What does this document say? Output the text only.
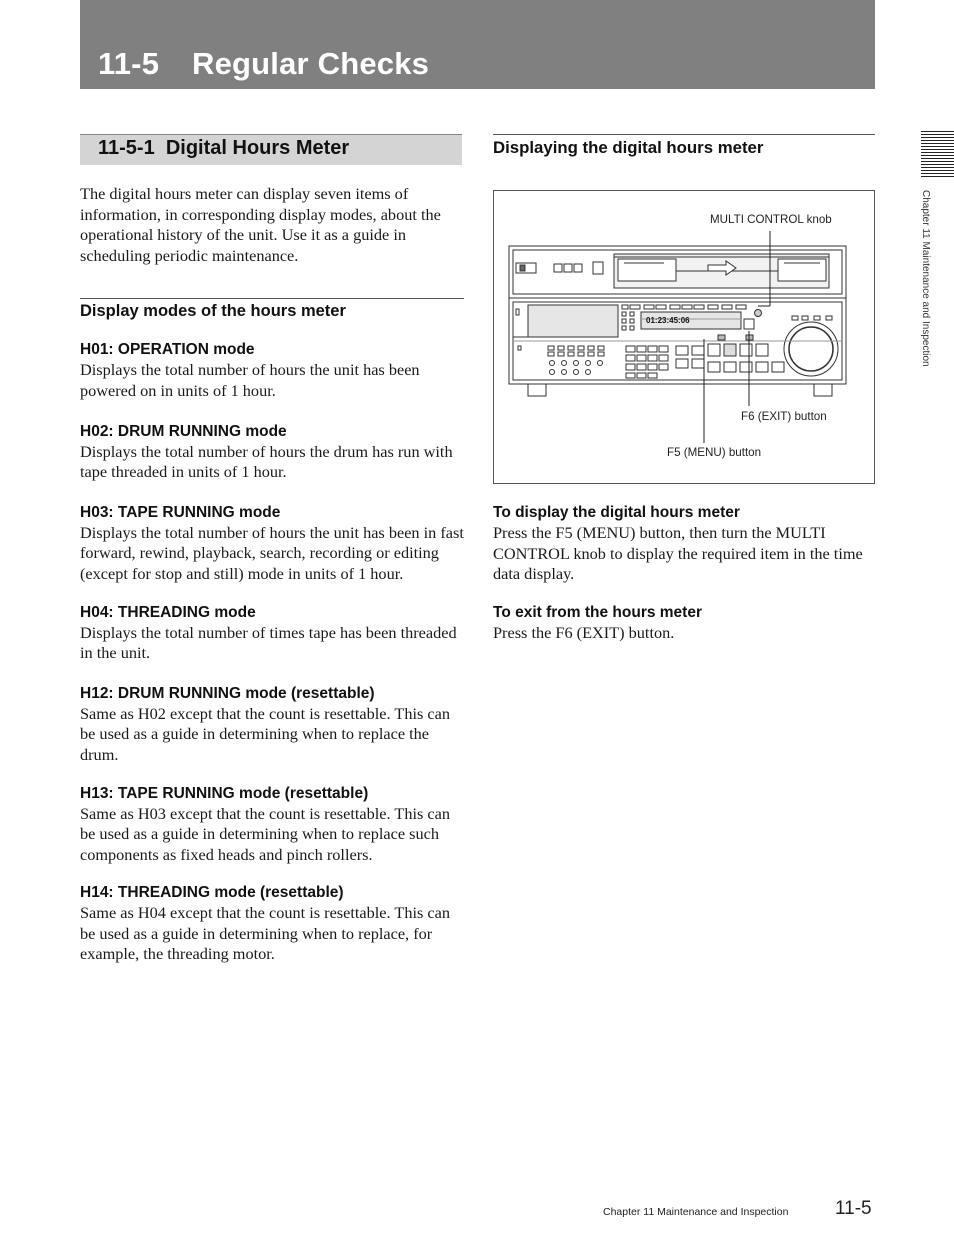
11-5 Regular Checks
Chapter 11 Maintenance and Inspection
11-5-1 Digital Hours Meter

The digital hours meter can display seven items of information, in corresponding display modes, about the operational history of the unit. Use it as a guide in scheduling periodic maintenance.

Display modes of the hours meter
H01: OPERATION mode

Displays the total number of hours the unit has been powered on in units of 1 hour.

H02: DRUM RUNNING mode

Displays the total number of hours the drum has run with tape threaded in units of 1 hour.

H03: TAPE RUNNING mode

Displays the total number of hours the unit has been in fast forward, rewind, playback, search, recording or editing (except for stop and still) mode in units of 1 hour.

H04: THREADING mode

Displays the total number of times tape has been threaded in the unit.

H12: DRUM RUNNING mode (resettable)

Same as H02 except that the count is resettable. This can be used as a guide in determining when to replace the drum.

H13: TAPE RUNNING mode (resettable)

Same as H03 except that the count is resettable. This can be used as a guide in determining when to replace such components as fixed heads and pinch rollers.

H14: THREADING mode (resettable)

Same as H04 except that the count is resettable. This can be used as a guide in determining when to replace, for example, the threading motor.

Displaying the digital hours meter
01:23:45:06
MULTI CONTROL knob
F6 (EXIT) button
F5 (MENU) button
To display the digital hours meter

Press the F5 (MENU) button, then turn the MULTI CONTROL knob to display the required item in the time data display.

To exit from the hours meter

Press the F6 (EXIT) button.

Chapter 11 Maintenance and Inspection 11-5
